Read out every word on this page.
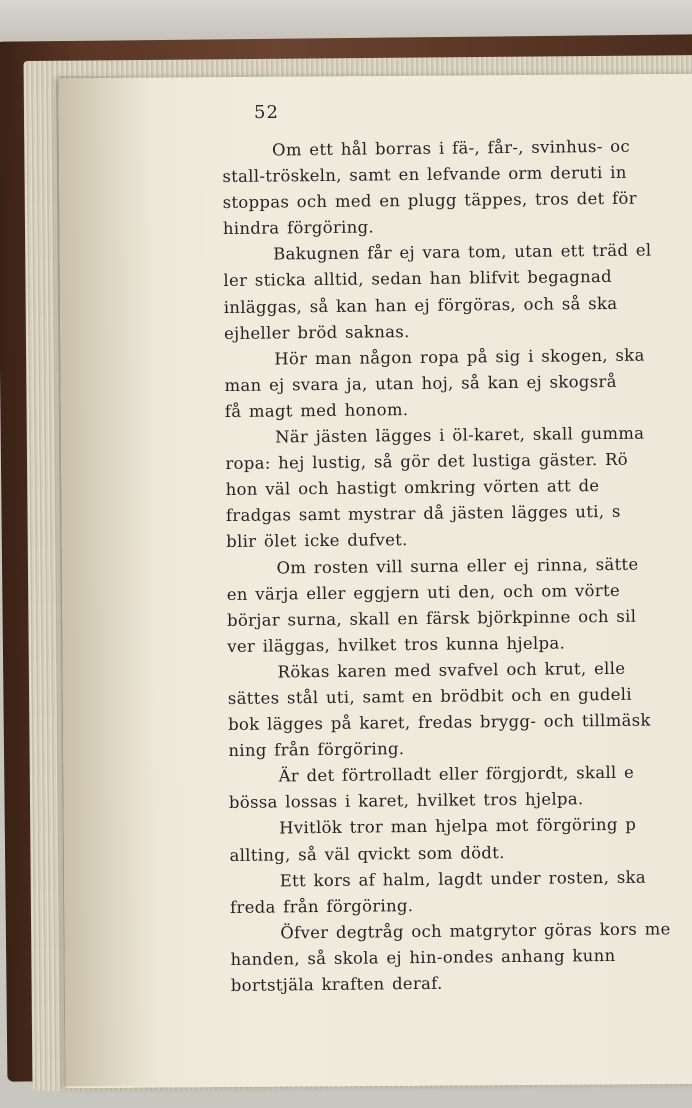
52
Om ett hål borras i fä-, får-, svinhus- oc
stall-tröskeln, samt en lefvande orm deruti in
stoppas och med en plugg täppes, tros det för
hindra förgöring.
Bakugnen får ej vara tom, utan ett träd el
ler sticka alltid, sedan han blifvit begagnad
inläggas, så kan han ej förgöras, och så ska
ejheller bröd saknas.
Hör man någon ropa på sig i skogen, ska
man ej svara ja, utan hoj, så kan ej skogsrå
få magt med honom.
När jästen lägges i öl-karet, skall gumma
ropa: hej lustig, så gör det lustiga gäster. Rö
hon väl och hastigt omkring vörten att de
fradgas samt mystrar då jästen lägges uti, s
blir ölet icke dufvet.
Om rosten vill surna eller ej rinna, sätte
en värja eller eggjern uti den, och om vörte
börjar surna, skall en färsk björkpinne och sil
ver iläggas, hvilket tros kunna hjelpa.
Rökas karen med svafvel och krut, elle
sättes stål uti, samt en brödbit och en gudeli
bok lägges på karet, fredas brygg- och tillmäsk
ning från förgöring.
Är det förtrolladt eller förgjordt, skall e
bössa lossas i karet, hvilket tros hjelpa.
Hvitlök tror man hjelpa mot förgöring p
allting, så väl qvickt som dödt.
Ett kors af halm, lagdt under rosten, ska
freda från förgöring.
Öfver degtråg och matgrytor göras kors me
handen, så skola ej hin-ondes anhang kunn
bortstjäla kraften deraf.
